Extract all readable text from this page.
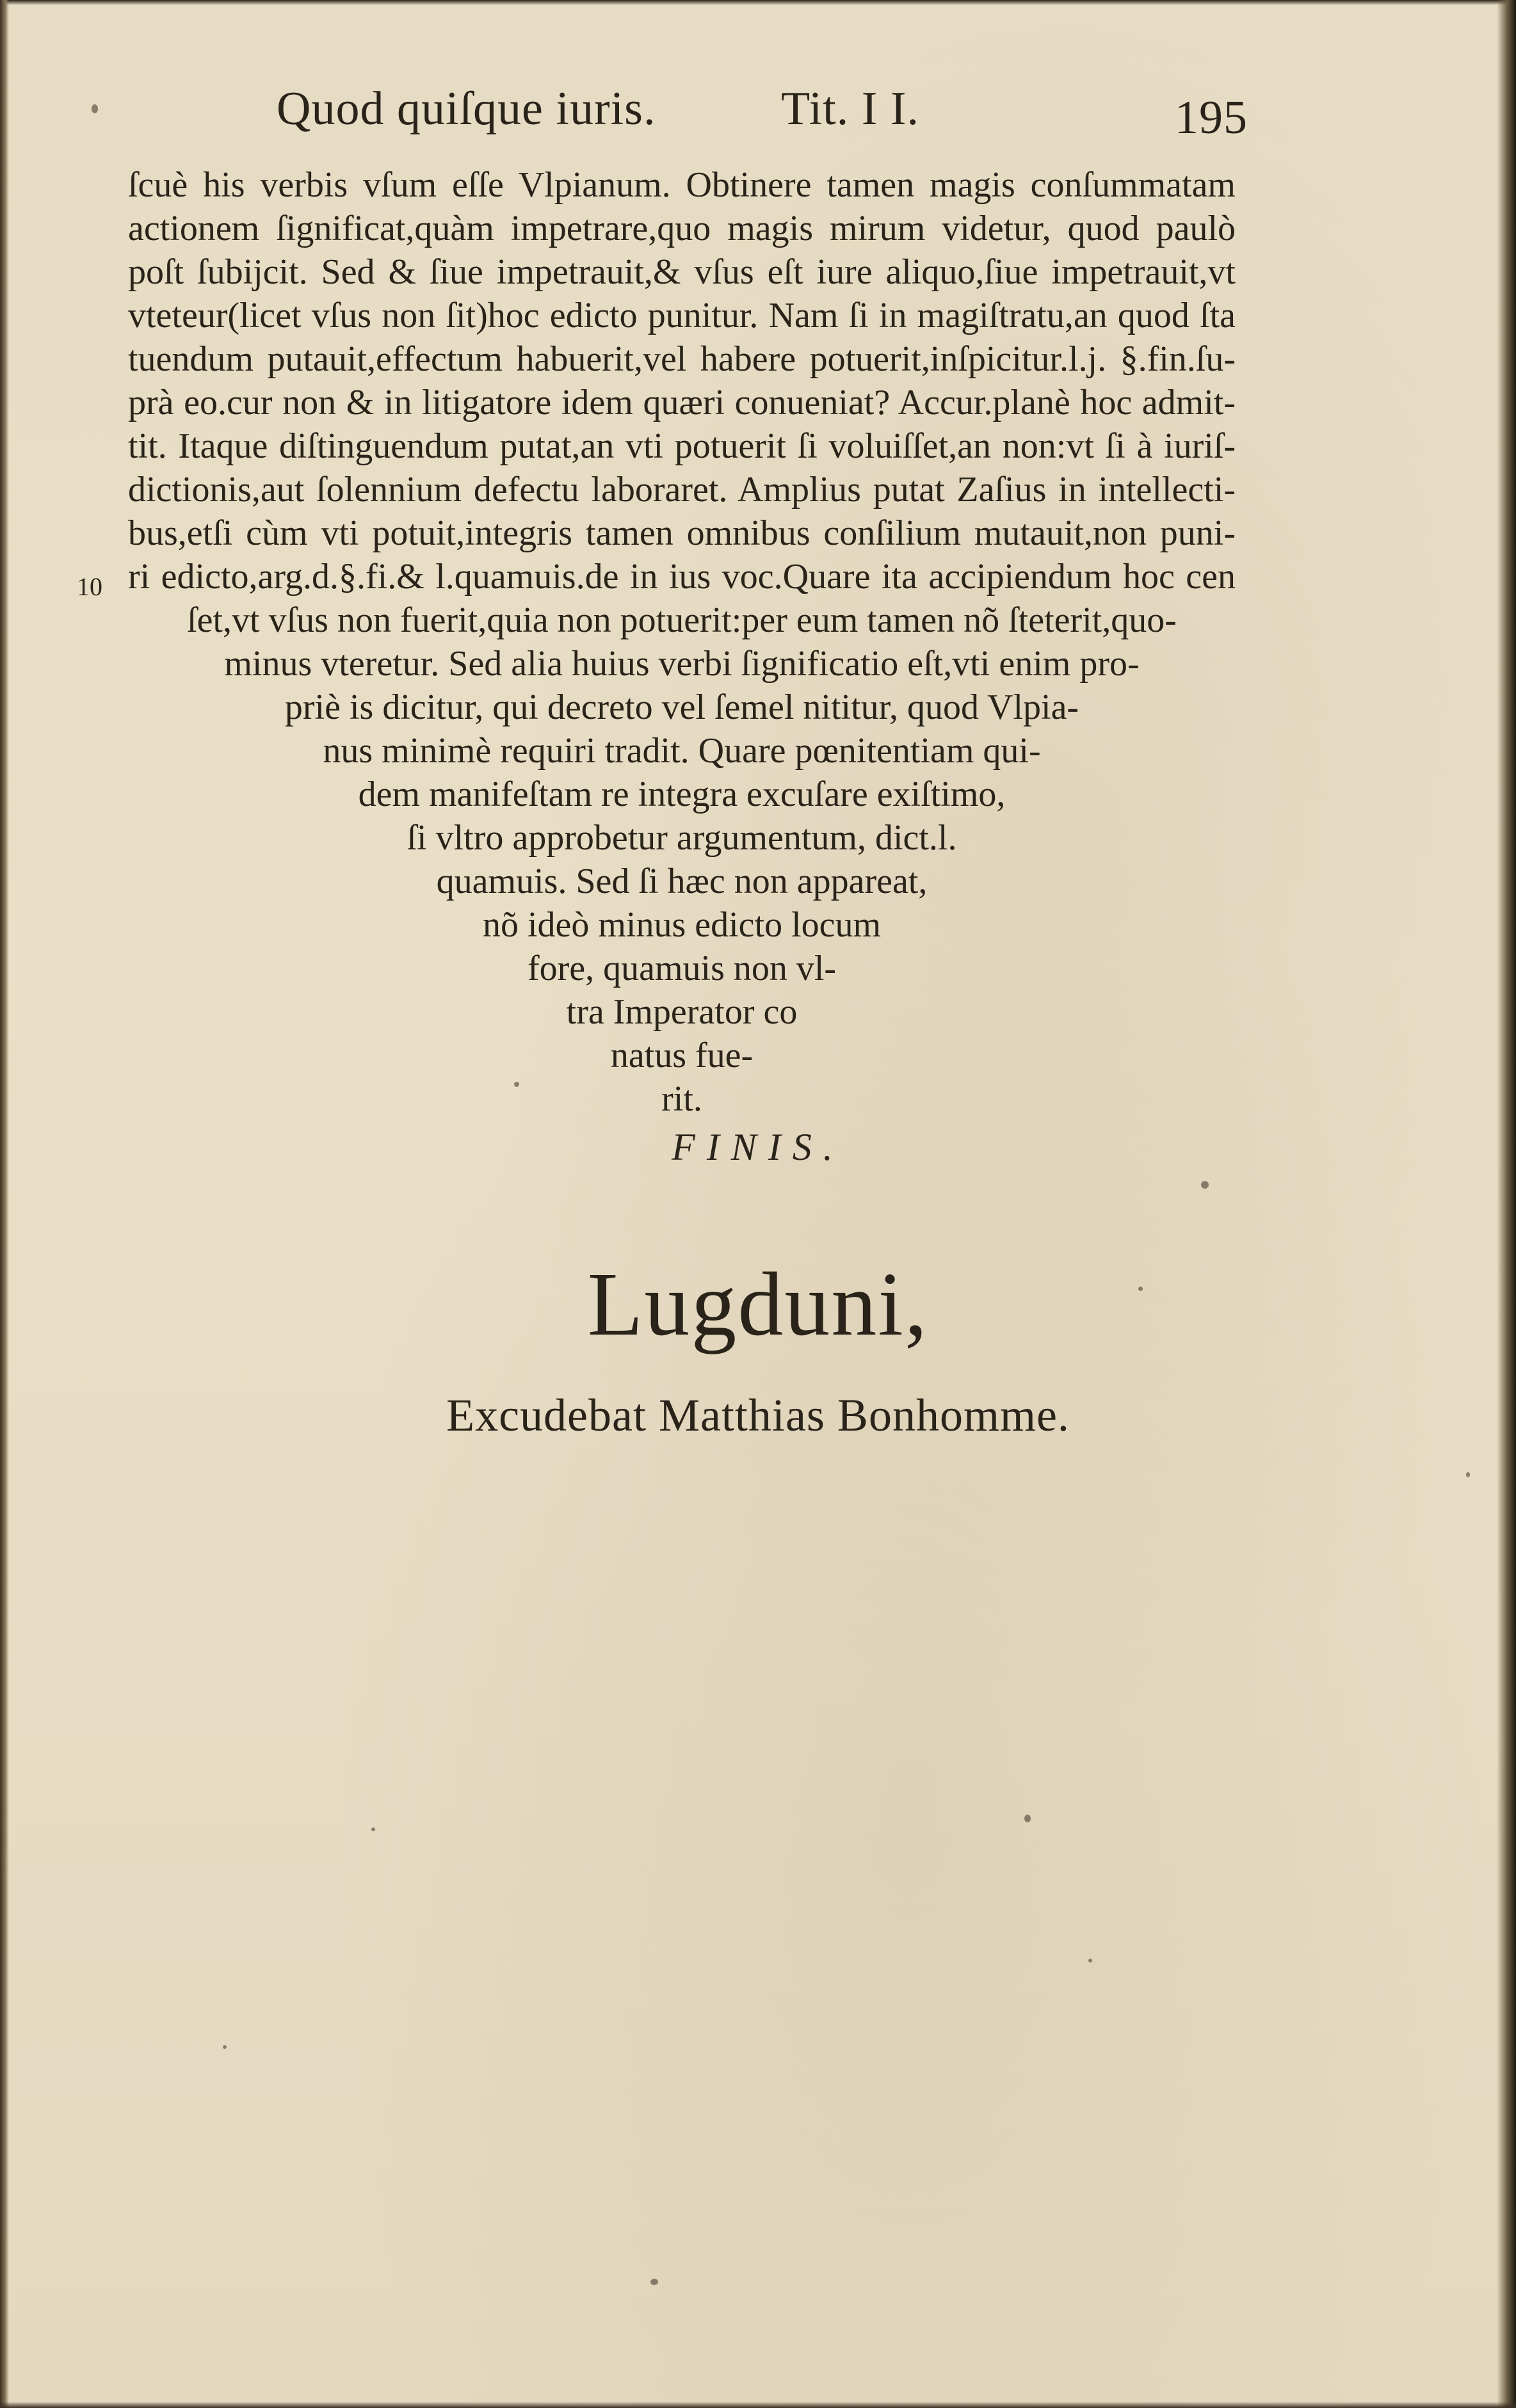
Quod quiſque iuris.	Tit. I I.	195
10
ſcuè his verbis vſum eſſe Vlpianum. Obtinere tamen magis conſummatam
actionem ſignificat,quàm impetrare,quo magis mirum videtur, quod paulò
poſt ſubijcit. Sed & ſiue impetrauit,& vſus eſt iure aliquo,ſiue impetrauit,vt
vteteur(licet vſus non ſit)hoc edicto punitur. Nam ſi in magiſtratu,an quod ſta
tuendum putauit,effectum habuerit,vel habere potuerit,inſpicitur.l.j. §.fin.ſu-
prà eo.cur non & in litigatore idem quæri conueniat? Accur.planè hoc admit-
tit. Itaque diſtinguendum putat,an vti potuerit ſi voluiſſet,an non:vt ſi à iuriſ-
dictionis,aut ſolennium defectu laboraret. Amplius putat Zaſius in intellecti-
bus,etſi cùm vti potuit,integris tamen omnibus conſilium mutauit,non puni-
ri edicto,arg.d.§.fi.& l.quamuis.de in ius voc.Quare ita accipiendum hoc cen
ſet,vt vſus non fuerit,quia non potuerit:per eum tamen nõ ſteterit,quo-
minus vteretur. Sed alia huius verbi ſignificatio eſt,vti enim pro-
priè is dicitur, qui decreto vel ſemel nititur, quod Vlpia-
nus minimè requiri tradit. Quare pœnitentiam qui-
dem manifeſtam re integra excuſare exiſtimo,
ſi vltro approbetur argumentum, dict.l.
quamuis. Sed ſi hæc non appareat,
nõ ideò minus edicto locum
fore, quamuis non vl-
tra Imperator co
natus fue-
rit.
FINIS.
Lugduni,
Excudebat Matthias Bonhomme.
